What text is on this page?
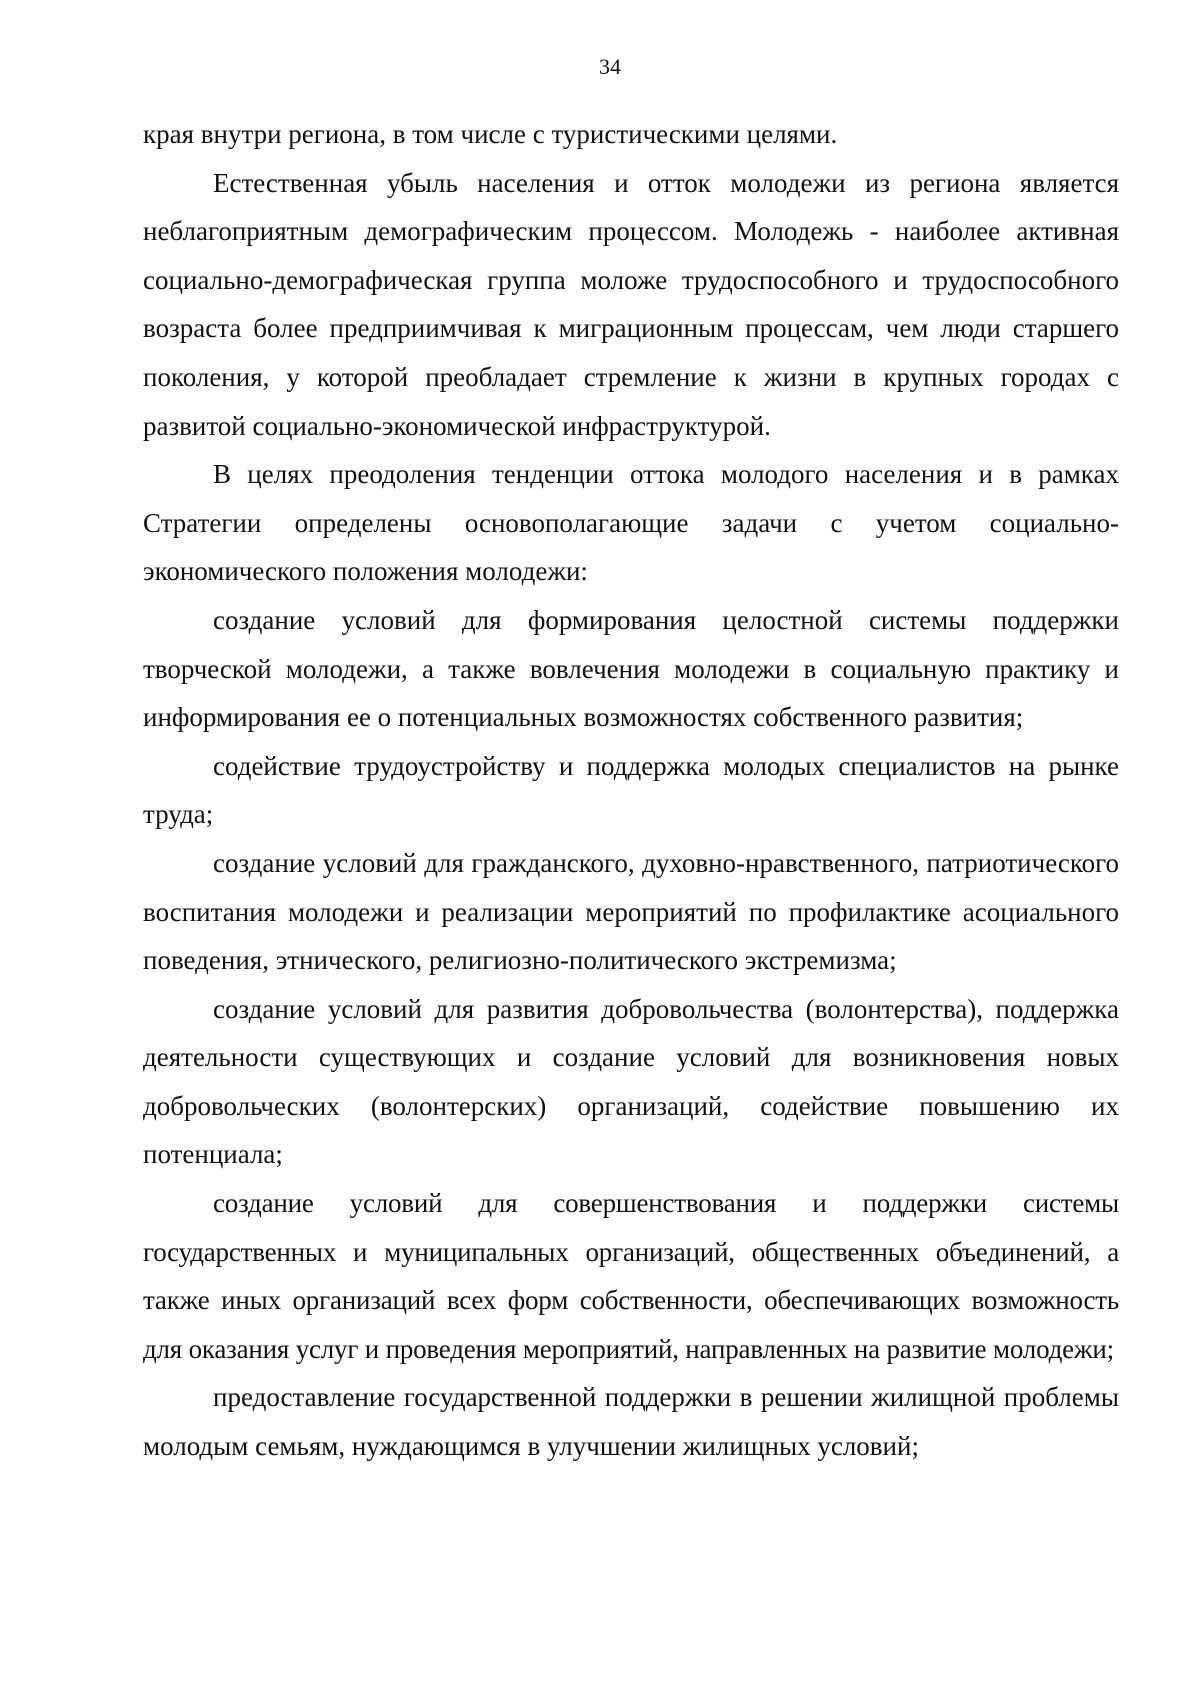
34

края внутри региона, в том числе с туристическими целями.

Естественная убыль населения и отток молодежи из региона является неблагоприятным демографическим процессом. Молодежь - наиболее активная социально-демографическая группа моложе трудоспособного и трудоспособного возраста более предприимчивая к миграционным процессам, чем люди старшего поколения, у которой преобладает стремление к жизни в крупных городах с развитой социально-экономической инфраструктурой.

В целях преодоления тенденции оттока молодого населения и в рамках Стратегии определены основополагающие задачи с учетом социально-экономического положения молодежи:

создание условий для формирования целостной системы поддержки творческой молодежи, а также вовлечения молодежи в социальную практику и информирования ее о потенциальных возможностях собственного развития;

содействие трудоустройству и поддержка молодых специалистов на рынке труда;

создание условий для гражданского, духовно-нравственного, патриотического воспитания молодежи и реализации мероприятий по профилактике асоциального поведения, этнического, религиозно-политического экстремизма;

создание условий для развития добровольчества (волонтерства), поддержка деятельности существующих и создание условий для возникновения новых добровольческих (волонтерских) организаций, содействие повышению их потенциала;

создание условий для совершенствования и поддержки системы государственных и муниципальных организаций, общественных объединений, а также иных организаций всех форм собственности, обеспечивающих возможность для оказания услуг и проведения мероприятий, направленных на развитие молодежи;

предоставление государственной поддержки в решении жилищной проблемы молодым семьям, нуждающимся в улучшении жилищных условий;
